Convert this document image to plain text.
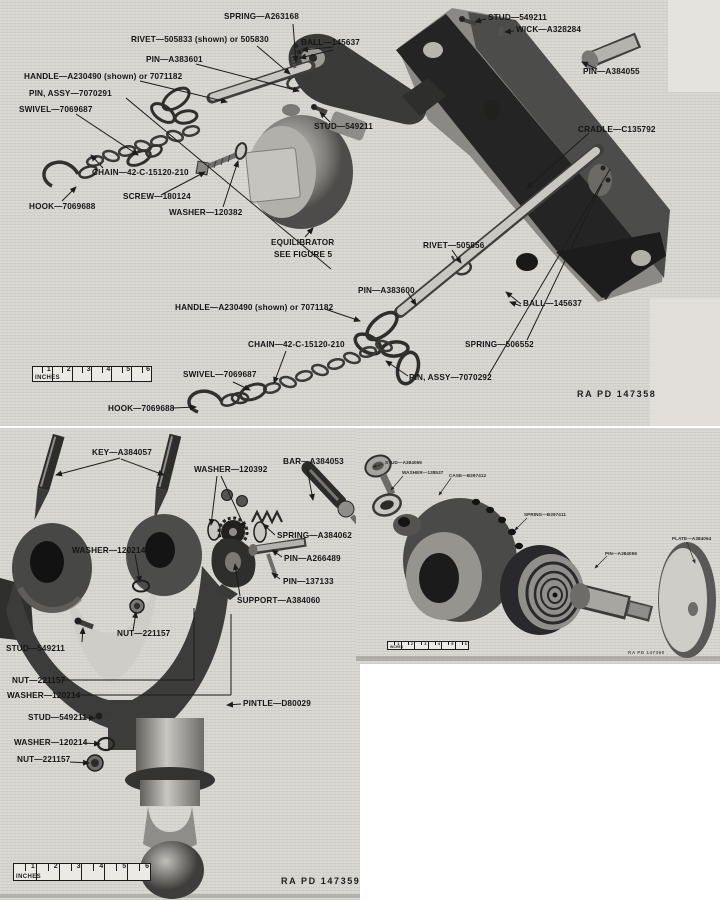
SPRING—A263168
RIVET—505833 (shown) or 505830	BALL—145637
PIN—A383601
HANDLE—A230490 (shown) or 7071182
PIN, ASSY—7070291
SWIVEL—7069687
HOOK—7069688
CHAIN—42-C-15120-210
SCREW—180124
WASHER—120382
EQUILIBRATOR
SEE FIGURE 5
STUD—549211
WICK—A328284
PIN—A384055
CRADLE—C135792
STUD—549211
RIVET—505856
PIN—A383600
BALL—145637
HANDLE—A230490 (shown) or 7071182
CHAIN—42-C-15120-210	SPRING—506552
SWIVEL—7069687	PIN, ASSY—7070292
HOOK—7069688
1 2 3 4 5 6
INCHES
RA PD 147358
KEY—A384057
WASHER—120392
BAR—A384053
SPRING—A384062
PIN—A266489
PIN—137133
SUPPORT—A384060
WASHER—120214
NUT—221157
STUD—549211
NUT—221157
WASHER—120214
STUD—549211
WASHER—120214
NUT—221157
PINTLE—D80029
1	2	3	4	5	6
INCHES	RA PD 147359
STUD—A384059
WASHER—138537
CASE—B297412
SPRING—B297411
PIN—A384056
PLATE—A384064
1	2	3	4	5	6
INCHES
RA PD 147360
